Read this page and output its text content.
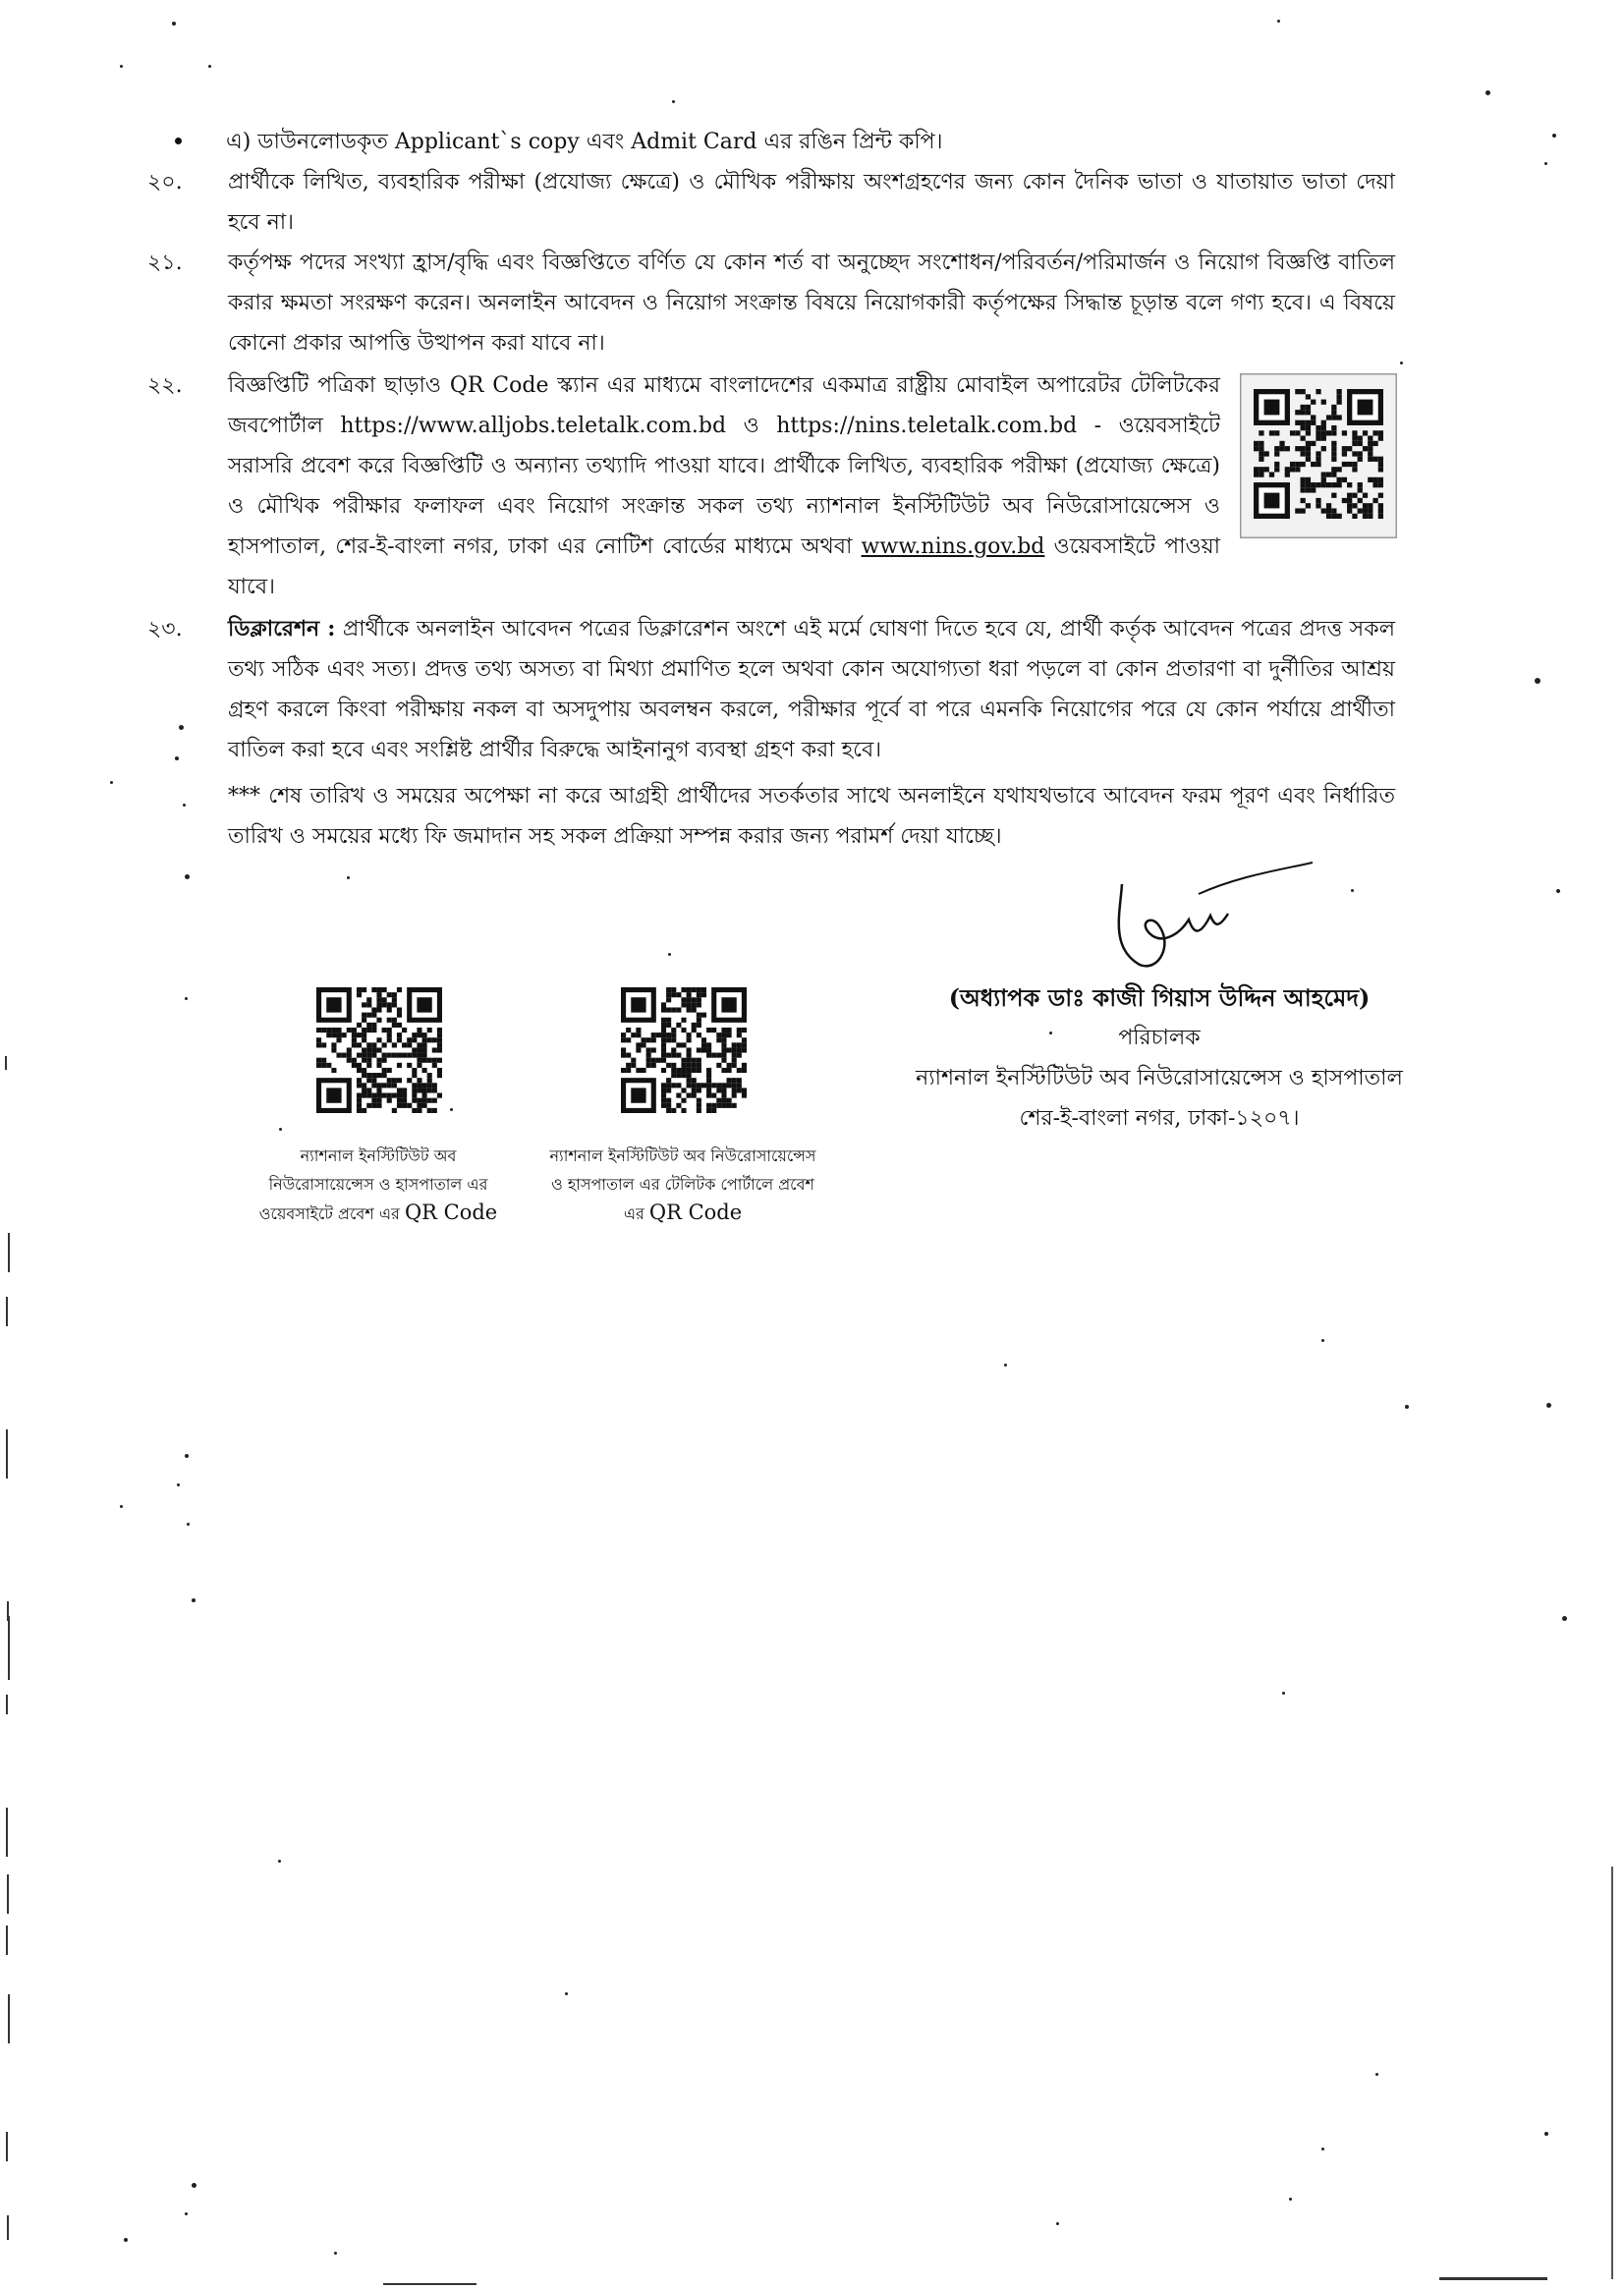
এ) ডাউনলোডকৃত Applicant`s copy এবং Admit Card এর রঙিন প্রিন্ট কপি।
২০.	প্রার্থীকে লিখিত, ব্যবহারিক পরীক্ষা (প্রযোজ্য ক্ষেত্রে) ও মৌখিক পরীক্ষায় অংশগ্রহণের জন্য কোন দৈনিক ভাতা ও যাতায়াত ভাতা দেয়া হবে না।
২১.	কর্তৃপক্ষ পদের সংখ্যা হ্রাস/বৃদ্ধি এবং বিজ্ঞপ্তিতে বর্ণিত যে কোন শর্ত বা অনুচ্ছেদ সংশোধন/পরিবর্তন/পরিমার্জন ও নিয়োগ বিজ্ঞপ্তি বাতিল করার ক্ষমতা সংরক্ষণ করেন। অনলাইন আবেদন ও নিয়োগ সংক্রান্ত বিষয়ে নিয়োগকারী কর্তৃপক্ষের সিদ্ধান্ত চূড়ান্ত বলে গণ্য হবে। এ বিষয়ে কোনো প্রকার আপত্তি উত্থাপন করা যাবে না।
২২.	বিজ্ঞপ্তিটি পত্রিকা ছাড়াও QR Code স্ক্যান এর মাধ্যমে বাংলাদেশের একমাত্র রাষ্ট্রীয় মোবাইল অপারেটর টেলিটকের জবপোর্টাল https://www.alljobs.teletalk.com.bd ও https://nins.teletalk.com.bd - ওয়েবসাইটে সরাসরি প্রবেশ করে বিজ্ঞপ্তিটি ও অন্যান্য তথ্যাদি পাওয়া যাবে। প্রার্থীকে লিখিত, ব্যবহারিক পরীক্ষা (প্রযোজ্য ক্ষেত্রে) ও মৌখিক পরীক্ষার ফলাফল এবং নিয়োগ সংক্রান্ত সকল তথ্য ন্যাশনাল ইনস্টিটিউট অব নিউরোসায়েন্সেস ও হাসপাতাল, শের-ই-বাংলা নগর, ঢাকা এর নোটিশ বোর্ডের মাধ্যমে অথবা www.nins.gov.bd ওয়েবসাইটে পাওয়া যাবে।
২৩.	ডিক্লারেশন : প্রার্থীকে অনলাইন আবেদন পত্রের ডিক্লারেশন অংশে এই মর্মে ঘোষণা দিতে হবে যে, প্রার্থী কর্তৃক আবেদন পত্রের প্রদত্ত সকল তথ্য সঠিক এবং সত্য। প্রদত্ত তথ্য অসত্য বা মিথ্যা প্রমাণিত হলে অথবা কোন অযোগ্যতা ধরা পড়লে বা কোন প্রতারণা বা দুর্নীতির আশ্রয় গ্রহণ করলে কিংবা পরীক্ষায় নকল বা অসদুপায় অবলম্বন করলে, পরীক্ষার পূর্বে বা পরে এমনকি নিয়োগের পরে যে কোন পর্যায়ে প্রার্থীতা বাতিল করা হবে এবং সংশ্লিষ্ট প্রার্থীর বিরুদ্ধে আইনানুগ ব্যবস্থা গ্রহণ করা হবে।
*** শেষ তারিখ ও সময়ের অপেক্ষা না করে আগ্রহী প্রার্থীদের সতর্কতার সাথে অনলাইনে যথাযথভাবে আবেদন ফরম পূরণ এবং নির্ধারিত তারিখ ও সময়ের মধ্যে ফি জমাদান সহ সকল প্রক্রিয়া সম্পন্ন করার জন্য পরামর্শ দেয়া যাচ্ছে।
(অধ্যাপক ডাঃ কাজী গিয়াস উদ্দিন আহমেদ)
পরিচালক
ন্যাশনাল ইনস্টিটিউট অব নিউরোসায়েন্সেস ও হাসপাতাল
শের-ই-বাংলা নগর, ঢাকা-১২০৭।
ন্যাশনাল ইনস্টিটিউট অব
নিউরোসায়েন্সেস ও হাসপাতাল এর
ওয়েবসাইটে প্রবেশ এর QR Code
ন্যাশনাল ইনস্টিটিউট অব নিউরোসায়েন্সেস
ও হাসপাতাল এর টেলিটক পোর্টালে প্রবেশ
এর QR Code
